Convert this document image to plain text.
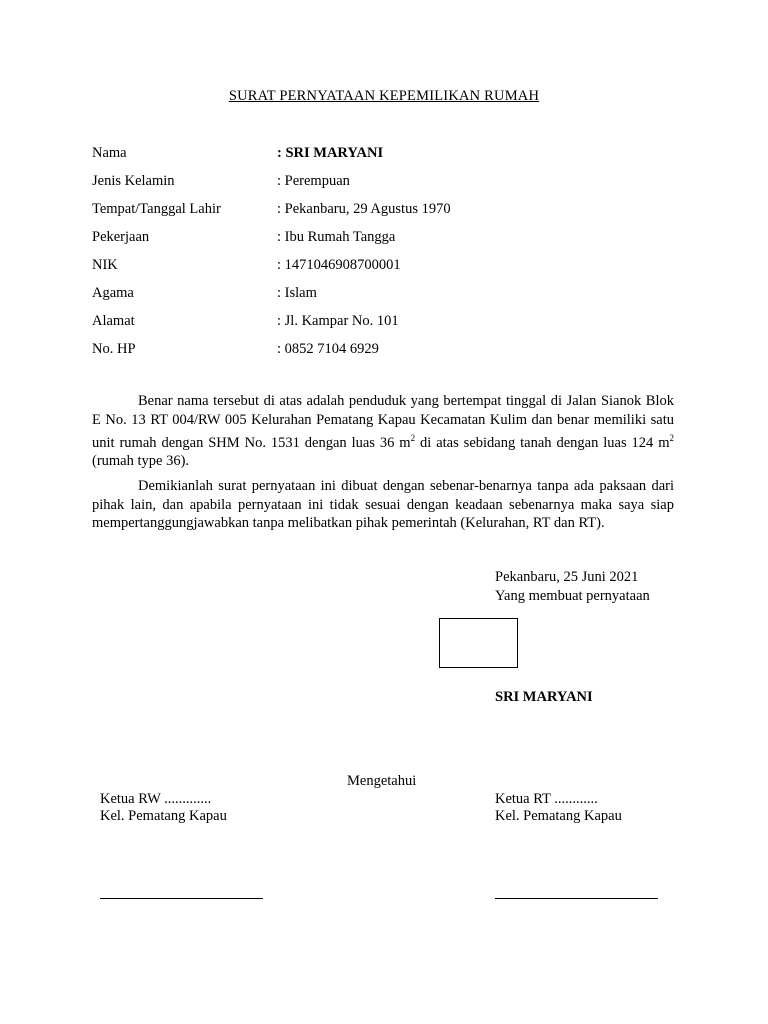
SURAT PERNYATAAN KEPEMILIKAN RUMAH
Nama	: SRI MARYANI
Jenis Kelamin	: Perempuan
Tempat/Tanggal Lahir	: Pekanbaru, 29 Agustus 1970
Pekerjaan	: Ibu Rumah Tangga
NIK	: 1471046908700001
Agama	: Islam
Alamat	: Jl. Kampar No. 101
No. HP	: 0852 7104 6929

Benar nama tersebut di atas adalah penduduk yang bertempat tinggal di Jalan Sianok Blok E No. 13 RT 004/RW 005 Kelurahan Pematang Kapau Kecamatan Kulim dan benar memiliki satu unit rumah dengan SHM No. 1531 dengan luas 36 $m^2$ di atas sebidang tanah dengan luas 124 $m^2$ (rumah type 36).

Demikianlah surat pernyataan ini dibuat dengan sebenar-benarnya tanpa ada paksaan dari pihak lain, dan apabila pernyataan ini tidak sesuai dengan keadaan sebenarnya maka saya siap mempertanggungjawabkan tanpa melibatkan pihak pemerintah (Kelurahan, RT dan RT).

Pekanbaru, 25 Juni 2021
Yang membuat pernyataan
SRI MARYANI
Mengetahui
Ketua RW .............
Kel. Pematang Kapau
Ketua RT ............
Kel. Pematang Kapau
